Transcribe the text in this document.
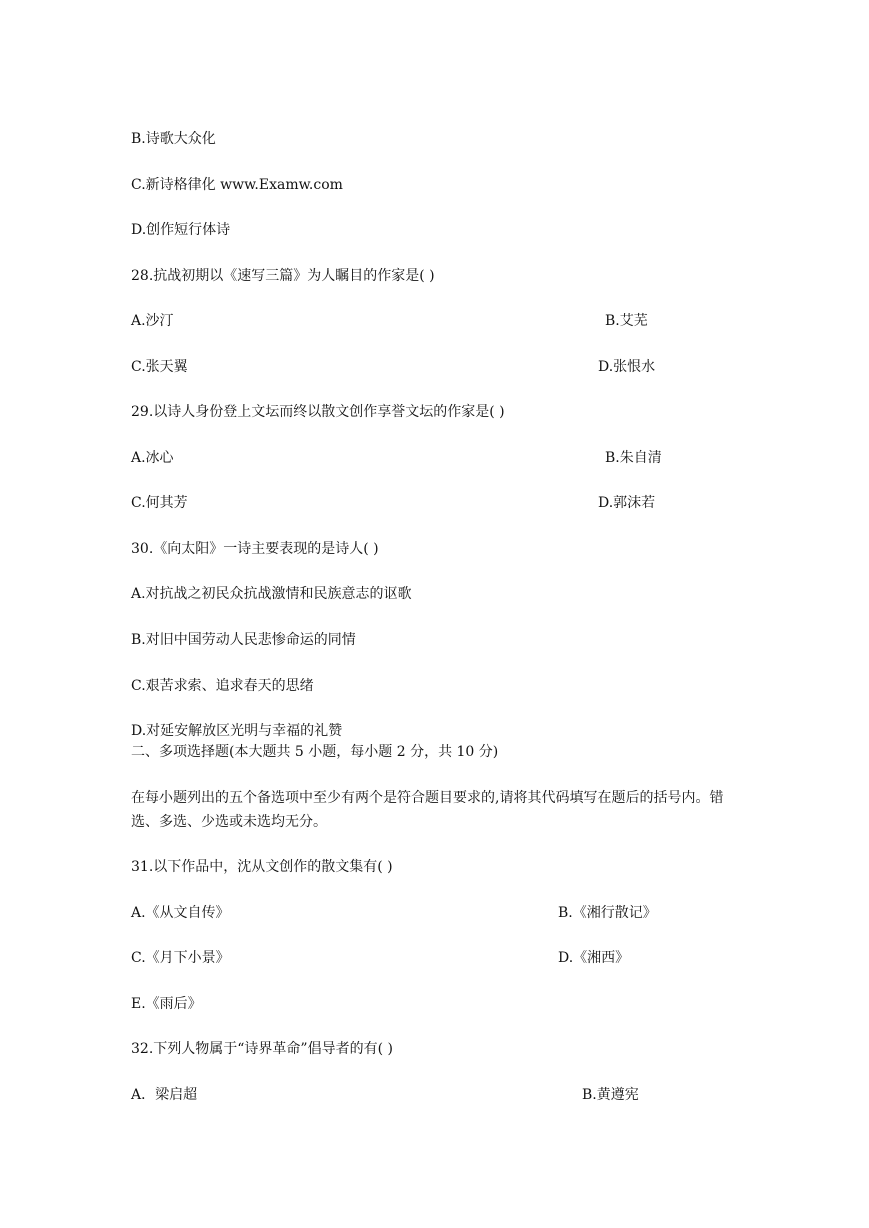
B.诗歌大众化
C.新诗格律化 www.Examw.com
D.创作短行体诗
28.抗战初期以《速写三篇》为人瞩目的作家是( )
A.沙汀	B.艾芜
C.张天翼	D.张恨水
29.以诗人身份登上文坛而终以散文创作享誉文坛的作家是( )
A.冰心	B.朱自清
C.何其芳	D.郭沫若
30.《向太阳》一诗主要表现的是诗人( )
A.对抗战之初民众抗战激情和民族意志的讴歌
B.对旧中国劳动人民悲惨命运的同情
C.艰苦求索、追求春天的思绪
D.对延安解放区光明与幸福的礼赞
二、多项选择题(本大题共 5 小题，每小题 2 分，共 10 分)
在每小题列出的五个备选项中至少有两个是符合题目要求的,请将其代码填写在题后的括号内。错选、多选、少选或未选均无分。
31.以下作品中，沈从文创作的散文集有( )
A.《从文自传》	B.《湘行散记》
C.《月下小景》	D.《湘西》
E.《雨后》
32.下列人物属于“诗界革命”倡导者的有( )
A．梁启超	B.黄遵宪
